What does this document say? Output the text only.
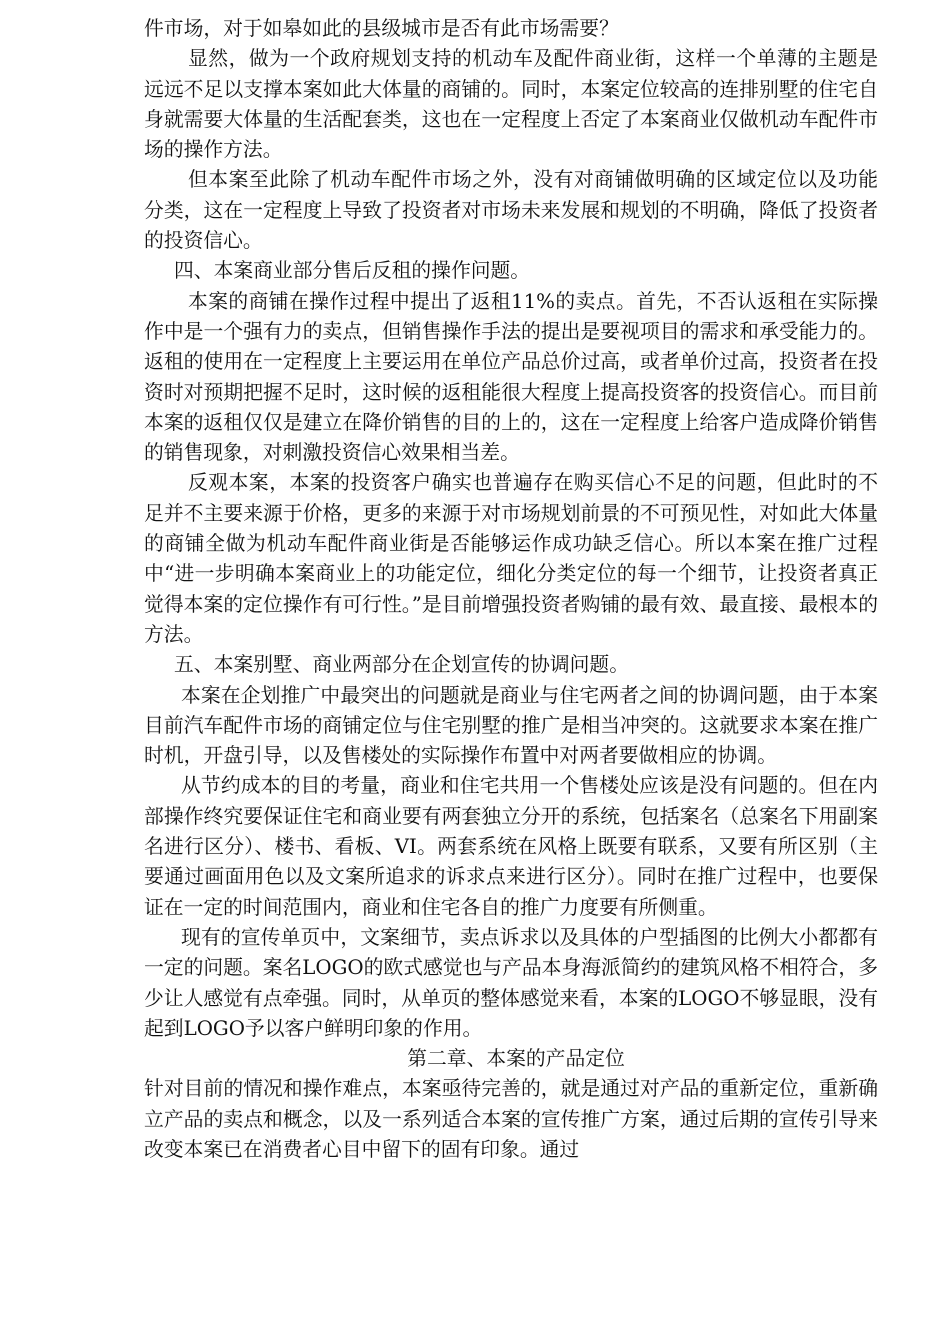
件市场，对于如皋如此的县级城市是否有此市场需要？

显然，做为一个政府规划支持的机动车及配件商业街，这样一个单薄的主题是远远不足以支撑本案如此大体量的商铺的。同时，本案定位较高的连排别墅的住宅自身就需要大体量的生活配套类，这也在一定程度上否定了本案商业仅做机动车配件市场的操作方法。

但本案至此除了机动车配件市场之外，没有对商铺做明确的区域定位以及功能分类，这在一定程度上导致了投资者对市场未来发展和规划的不明确，降低了投资者的投资信心。

四、本案商业部分售后反租的操作问题。

本案的商铺在操作过程中提出了返租11%的卖点。首先，不否认返租在实际操作中是一个强有力的卖点，但销售操作手法的提出是要视项目的需求和承受能力的。返租的使用在一定程度上主要运用在单位产品总价过高，或者单价过高，投资者在投资时对预期把握不足时，这时候的返租能很大程度上提高投资客的投资信心。而目前本案的返租仅仅是建立在降价销售的目的上的，这在一定程度上给客户造成降价销售的销售现象，对刺激投资信心效果相当差。

反观本案，本案的投资客户确实也普遍存在购买信心不足的问题，但此时的不足并不主要来源于价格，更多的来源于对市场规划前景的不可预见性，对如此大体量的商铺全做为机动车配件商业街是否能够运作成功缺乏信心。所以本案在推广过程中“进一步明确本案商业上的功能定位，细化分类定位的每一个细节，让投资者真正觉得本案的定位操作有可行性。”是目前增强投资者购铺的最有效、最直接、最根本的方法。

五、本案别墅、商业两部分在企划宣传的协调问题。

本案在企划推广中最突出的问题就是商业与住宅两者之间的协调问题，由于本案目前汽车配件市场的商铺定位与住宅别墅的推广是相当冲突的。这就要求本案在推广时机，开盘引导，以及售楼处的实际操作布置中对两者要做相应的协调。

从节约成本的目的考量，商业和住宅共用一个售楼处应该是没有问题的。但在内部操作终究要保证住宅和商业要有两套独立分开的系统，包括案名（总案名下用副案名进行区分）、楼书、看板、VI。两套系统在风格上既要有联系，又要有所区别（主要通过画面用色以及文案所追求的诉求点来进行区分）。同时在推广过程中，也要保证在一定的时间范围内，商业和住宅各自的推广力度要有所侧重。

现有的宣传单页中，文案细节，卖点诉求以及具体的户型插图的比例大小都都有一定的问题。案名LOGO的欧式感觉也与产品本身海派简约的建筑风格不相符合，多少让人感觉有点牵强。同时，从单页的整体感觉来看，本案的LOGO不够显眼，没有起到LOGO予以客户鲜明印象的作用。

第二章、本案的产品定位

针对目前的情况和操作难点，本案亟待完善的，就是通过对产品的重新定位，重新确立产品的卖点和概念，以及一系列适合本案的宣传推广方案，通过后期的宣传引导来改变本案已在消费者心目中留下的固有印象。通过
